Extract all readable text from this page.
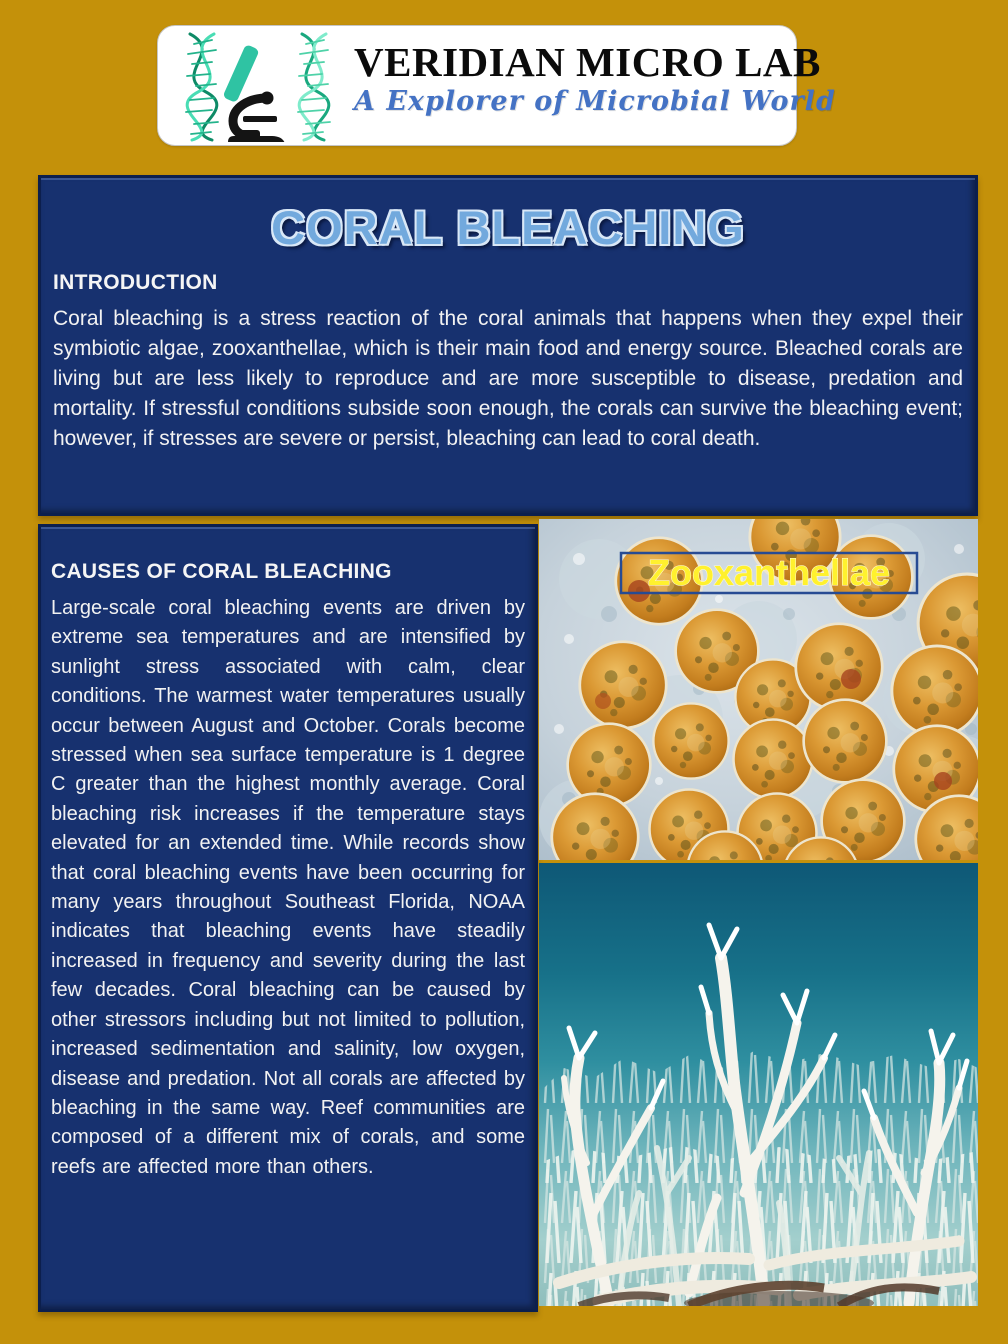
VERIDIAN MICRO LAB
A Explorer of Microbial World
CORAL BLEACHING
INTRODUCTION
Coral bleaching is a stress reaction of the coral animals that happens when they expel their symbiotic algae, zooxanthellae, which is their main food and energy source. Bleached corals are living but are less likely to reproduce and are more susceptible to disease, predation and mortality. If stressful conditions subside soon enough, the corals can survive the bleaching event; however, if stresses are severe or persist, bleaching can lead to coral death.
CAUSES OF CORAL BLEACHING
Large-scale coral bleaching events are driven by extreme sea temperatures and are intensified by sunlight stress associated with calm, clear conditions. The warmest water temperatures usually occur between August and October. Corals become stressed when sea surface temperature is 1 degree C greater than the highest monthly average. Coral bleaching risk increases if the temperature stays elevated for an extended time. While records show that coral bleaching events have been occurring for many years throughout Southeast Florida, NOAA indicates that bleaching events have steadily increased in frequency and severity during the last few decades. Coral bleaching can be caused by other stressors including but not limited to pollution, increased sedimentation and salinity, low oxygen, disease and predation. Not all corals are affected by bleaching in the same way. Reef communities are composed of a different mix of corals, and some reefs are affected more than others.
Zooxanthellae
